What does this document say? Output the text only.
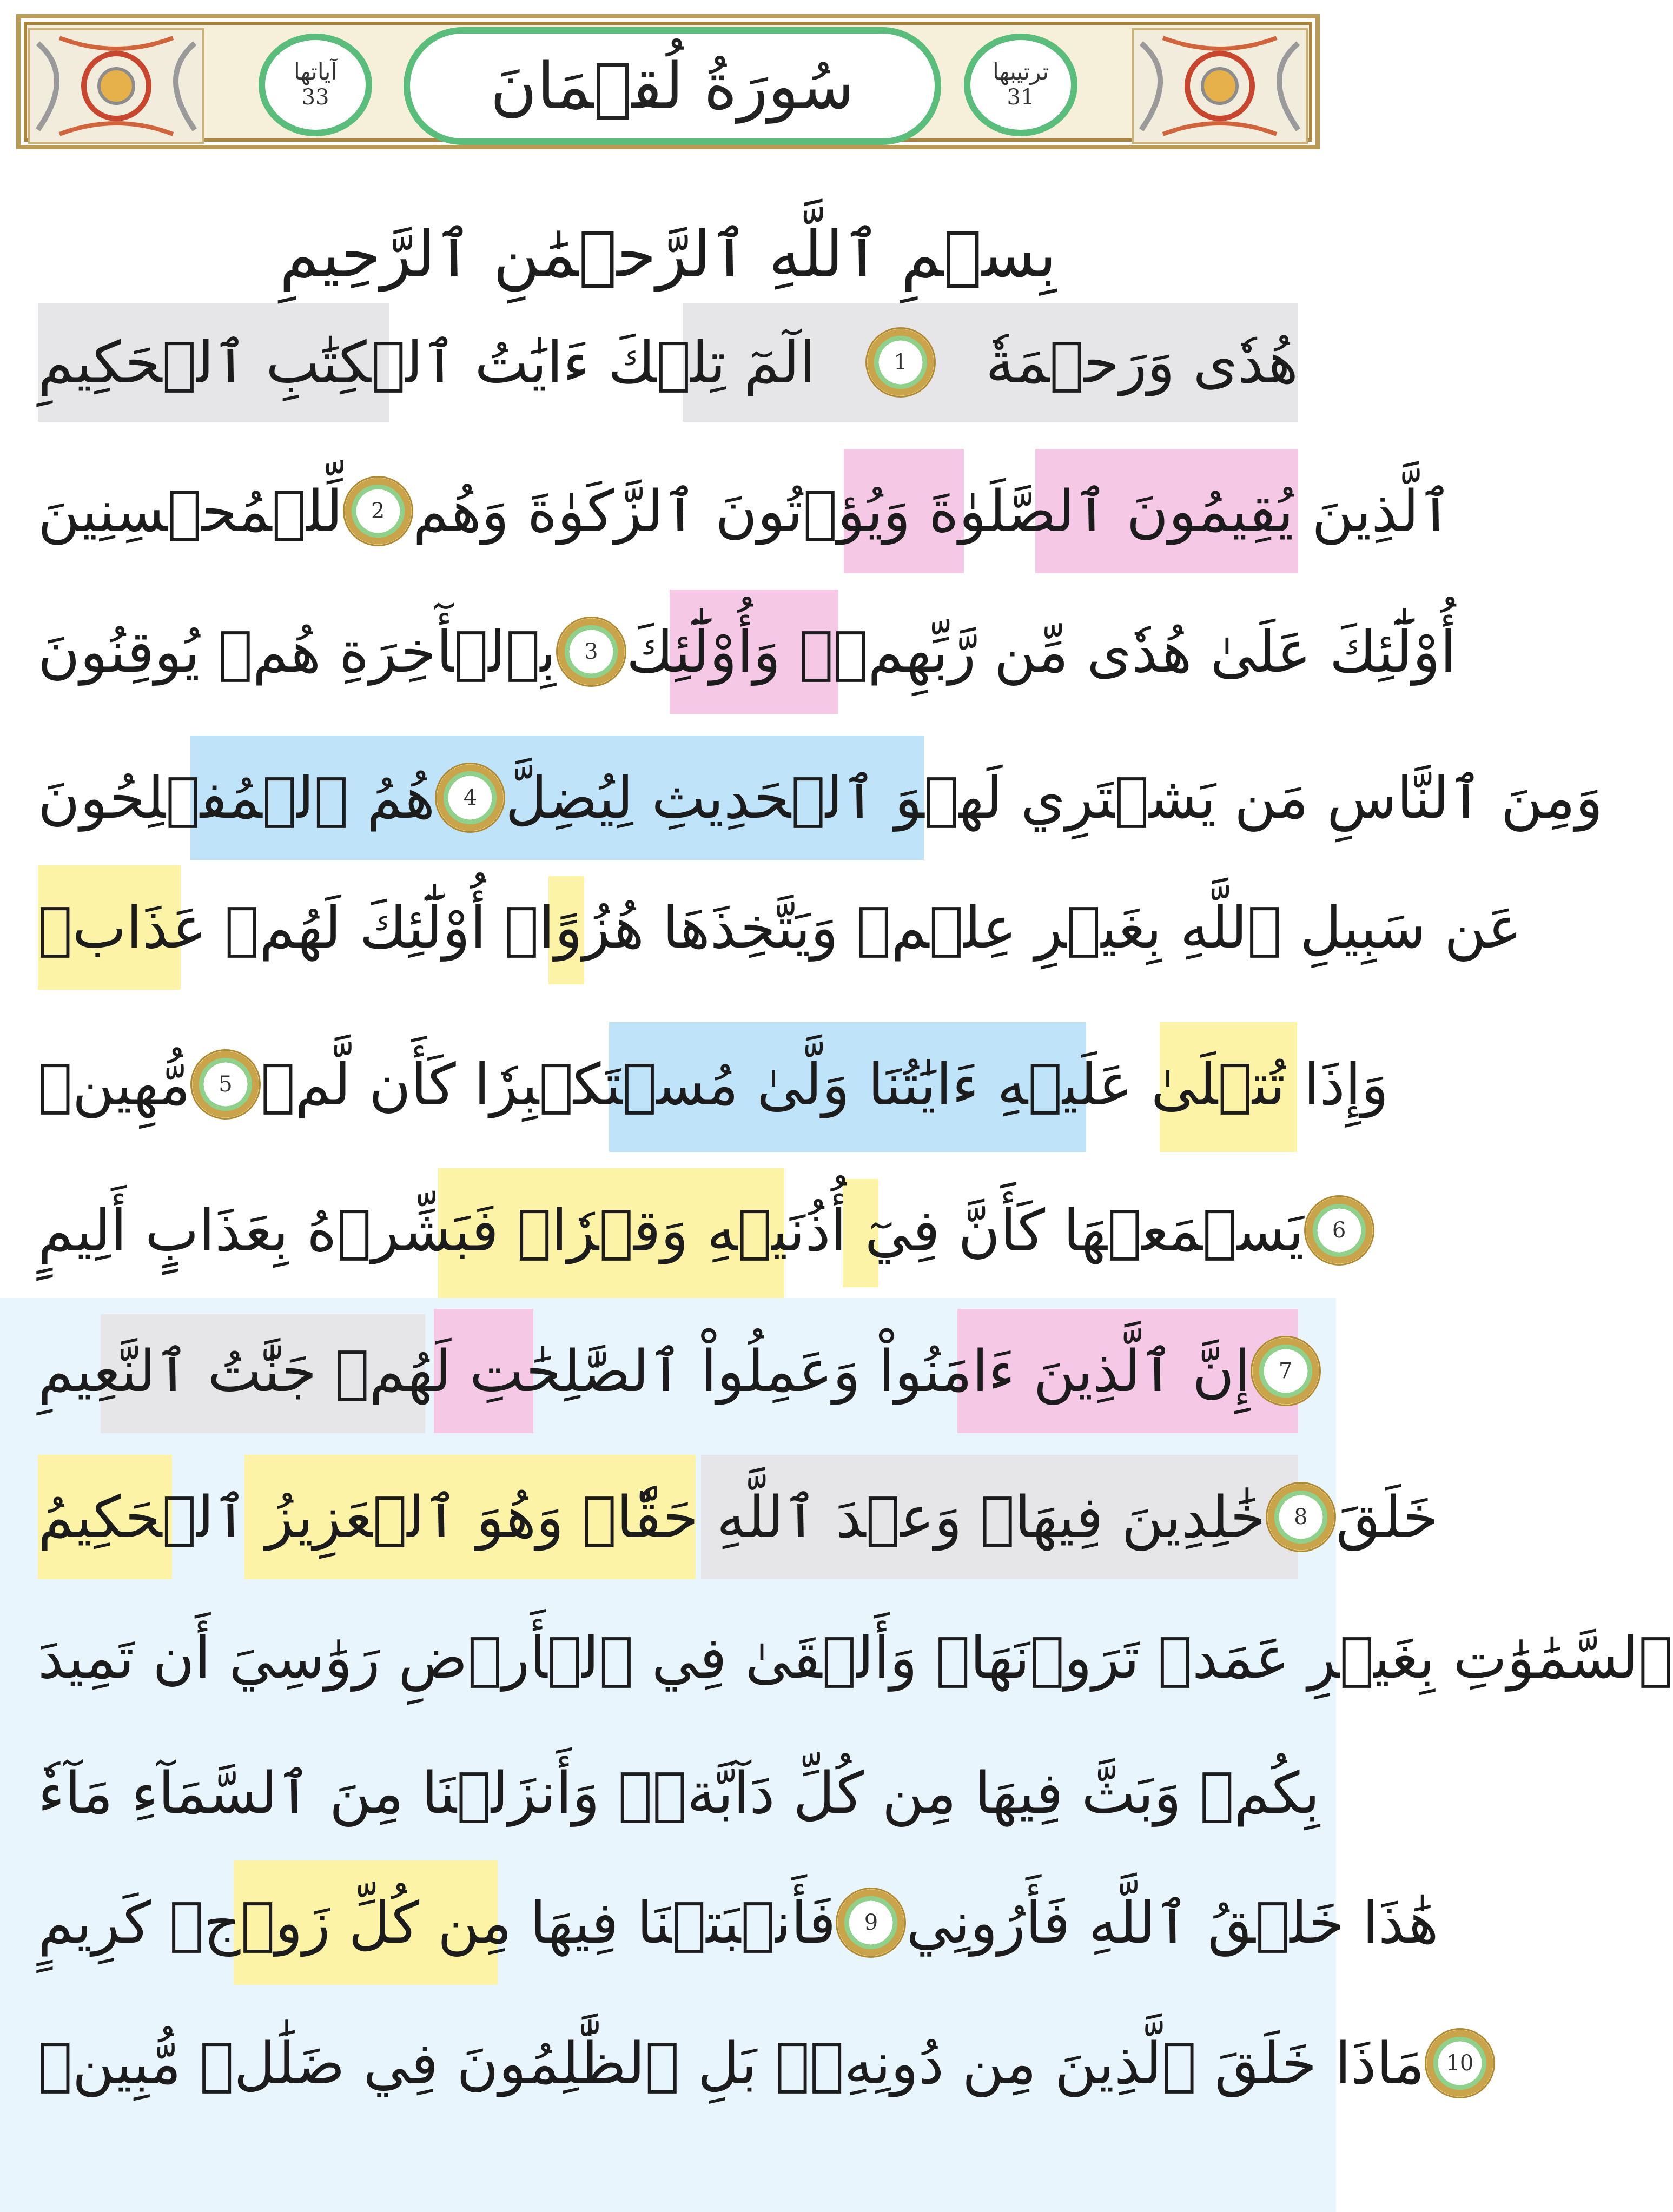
آياتها
33	سُورَةُ لُقۡمَانَ	ترتيبها
31
بِسۡمِ ٱللَّهِ ٱلرَّحۡمَٰنِ ٱلرَّحِيمِ
الٓمٓ تِلۡكَ ءَايَٰتُ ٱلۡكِتَٰبِ ٱلۡحَكِيمِ	1	هُدٗى وَرَحۡمَةٗ
لِّلۡمُحۡسِنِينَ	2 ٱلَّذِينَ يُقِيمُونَ ٱلصَّلَوٰةَ وَيُؤۡتُونَ ٱلزَّكَوٰةَ وَهُم
بِٱلۡأٓخِرَةِ هُمۡ يُوقِنُونَ	3 أُوْلَٰٓئِكَ عَلَىٰ هُدٗى مِّن رَّبِّهِمۡۖ وَأُوْلَٰٓئِكَ
هُمُ ٱلۡمُفۡلِحُونَ	4 وَمِنَ ٱلنَّاسِ مَن يَشۡتَرِي لَهۡوَ ٱلۡحَدِيثِ لِيُضِلَّ
عَن سَبِيلِ ٱللَّهِ بِغَيۡرِ عِلۡمٖ وَيَتَّخِذَهَا هُزُوًاۚ أُوْلَٰٓئِكَ لَهُمۡ عَذَابٞ
مُّهِينٞ	5 وَإِذَا تُتۡلَىٰ عَلَيۡهِ ءَايَٰتُنَا وَلَّىٰ مُسۡتَكۡبِرٗا كَأَن لَّمۡ
يَسۡمَعۡهَا كَأَنَّ فِيٓ أُذُنَيۡهِ وَقۡرٗاۖ فَبَشِّرۡهُ بِعَذَابٍ أَلِيمٍ	6
إِنَّ ٱلَّذِينَ ءَامَنُواْ وَعَمِلُواْ ٱلصَّٰلِحَٰتِ لَهُمۡ جَنَّٰتُ ٱلنَّعِيمِ	7
خَٰلِدِينَ فِيهَاۖ وَعۡدَ ٱللَّهِ حَقّٗاۚ وَهُوَ ٱلۡعَزِيزُ ٱلۡحَكِيمُ	8 خَلَقَ
ٱلسَّمَٰوَٰتِ بِغَيۡرِ عَمَدٖ تَرَوۡنَهَاۖ وَأَلۡقَىٰ فِي ٱلۡأَرۡضِ رَوَٰسِيَ أَن تَمِيدَ
بِكُمۡ وَبَثَّ فِيهَا مِن كُلِّ دَآبَّةٖۚ وَأَنزَلۡنَا مِنَ ٱلسَّمَآءِ مَآءٗ
فَأَنۢبَتۡنَا فِيهَا مِن كُلِّ زَوۡجٖ كَرِيمٍ	9 هَٰذَا خَلۡقُ ٱللَّهِ فَأَرُونِي
مَاذَا خَلَقَ ٱلَّذِينَ مِن دُونِهِۦۚ بَلِ ٱلظَّٰلِمُونَ فِي ضَلَٰلٖ مُّبِينٖ 10
